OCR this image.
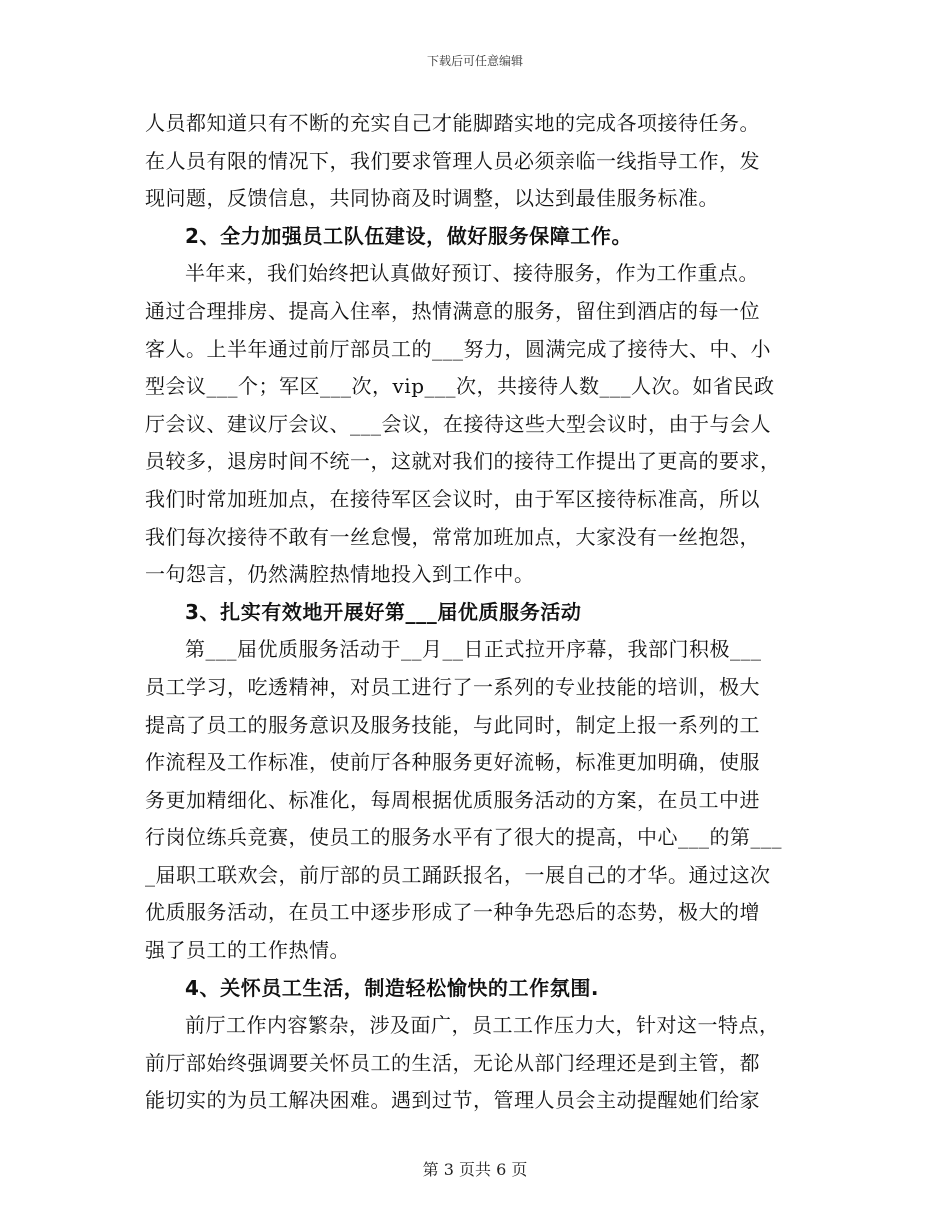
下载后可任意编辑
人员都知道只有不断的充实自己才能脚踏实地的完成各项接待任务。
在人员有限的情况下，我们要求管理人员必须亲临一线指导工作，发
现问题，反馈信息，共同协商及时调整，以达到最佳服务标准。
2、全力加强员工队伍建设，做好服务保障工作。
半年来，我们始终把认真做好预订、接待服务，作为工作重点。
通过合理排房、提高入住率，热情满意的服务，留住到酒店的每一位
客人。上半年通过前厅部员工的___努力，圆满完成了接待大、中、小
型会议___个；军区___次，vip___次，共接待人数___人次。如省民政
厅会议、建议厅会议、___会议，在接待这些大型会议时，由于与会人
员较多，退房时间不统一，这就对我们的接待工作提出了更高的要求，
我们时常加班加点，在接待军区会议时，由于军区接待标准高，所以
我们每次接待不敢有一丝怠慢，常常加班加点，大家没有一丝抱怨，
一句怨言，仍然满腔热情地投入到工作中。
3、扎实有效地开展好第___届优质服务活动
第___届优质服务活动于__月__日正式拉开序幕，我部门积极___
员工学习，吃透精神，对员工进行了一系列的专业技能的培训，极大
提高了员工的服务意识及服务技能，与此同时，制定上报一系列的工
作流程及工作标准，使前厅各种服务更好流畅，标准更加明确，使服
务更加精细化、标准化，每周根据优质服务活动的方案，在员工中进
行岗位练兵竞赛，使员工的服务水平有了很大的提高，中心___的第___
_届职工联欢会，前厅部的员工踊跃报名，一展自己的才华。通过这次
优质服务活动，在员工中逐步形成了一种争先恐后的态势，极大的增
强了员工的工作热情。
4、关怀员工生活，制造轻松愉快的工作氛围.
前厅工作内容繁杂，涉及面广，员工工作压力大，针对这一特点，
前厅部始终强调要关怀员工的生活，无论从部门经理还是到主管，都
能切实的为员工解决困难。遇到过节，管理人员会主动提醒她们给家
第 3 页共 6 页
